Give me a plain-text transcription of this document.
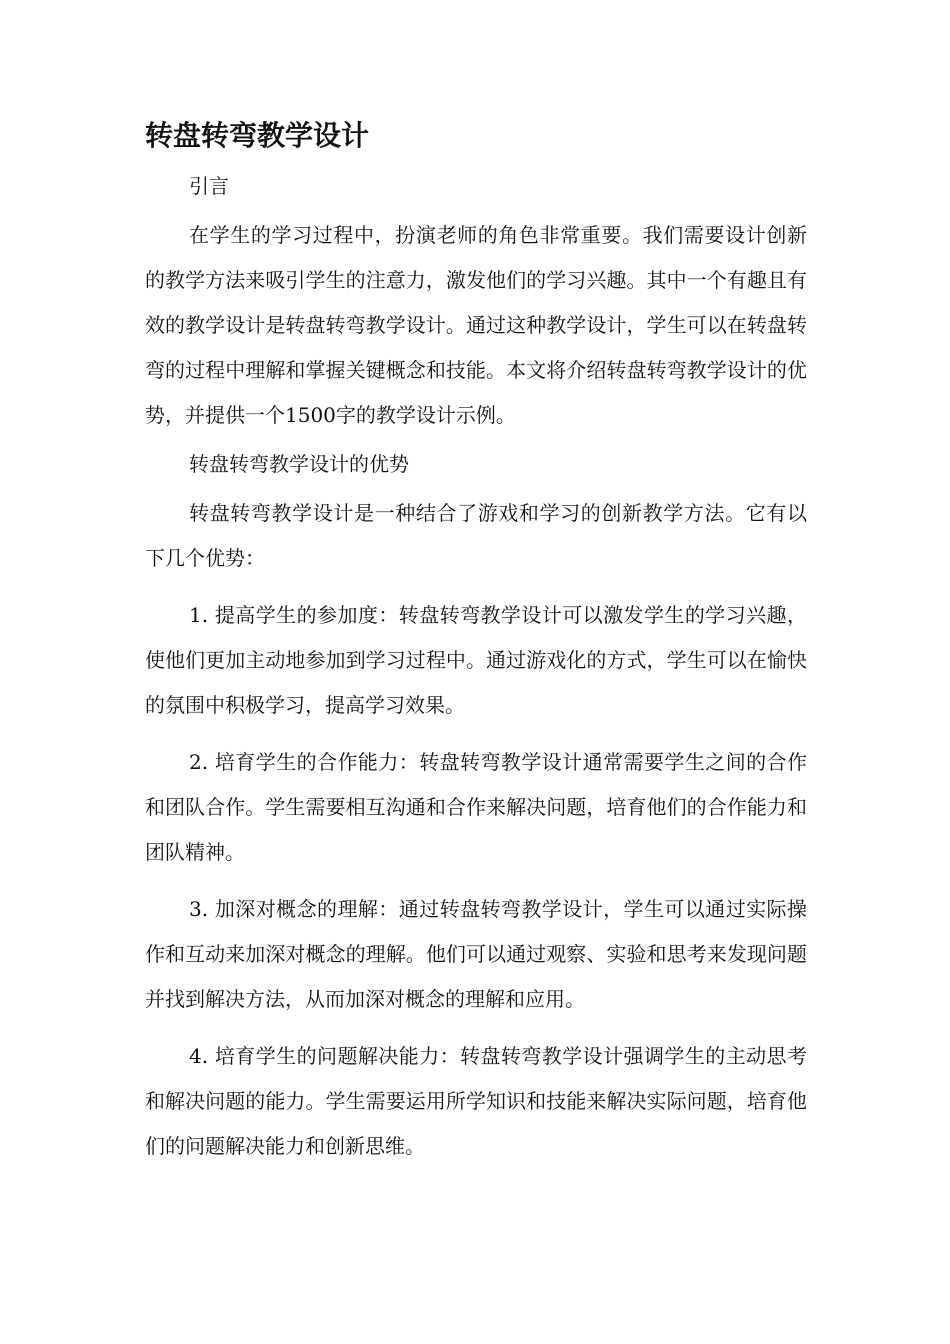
转盘转弯教学设计

引言

在学生的学习过程中，扮演老师的角色非常重要。我们需要设计创新的教学方法来吸引学生的注意力，激发他们的学习兴趣。其中一个有趣且有效的教学设计是转盘转弯教学设计。通过这种教学设计，学生可以在转盘转弯的过程中理解和掌握关键概念和技能。本文将介绍转盘转弯教学设计的优势，并提供一个1500字的教学设计示例。

转盘转弯教学设计的优势

转盘转弯教学设计是一种结合了游戏和学习的创新教学方法。它有以下几个优势：

1. 提高学生的参加度：转盘转弯教学设计可以激发学生的学习兴趣，使他们更加主动地参加到学习过程中。通过游戏化的方式，学生可以在愉快的氛围中积极学习，提高学习效果。

2. 培育学生的合作能力：转盘转弯教学设计通常需要学生之间的合作和团队合作。学生需要相互沟通和合作来解决问题，培育他们的合作能力和团队精神。

3. 加深对概念的理解：通过转盘转弯教学设计，学生可以通过实际操作和互动来加深对概念的理解。他们可以通过观察、实验和思考来发现问题并找到解决方法，从而加深对概念的理解和应用。

4. 培育学生的问题解决能力：转盘转弯教学设计强调学生的主动思考和解决问题的能力。学生需要运用所学知识和技能来解决实际问题，培育他们的问题解决能力和创新思维。
